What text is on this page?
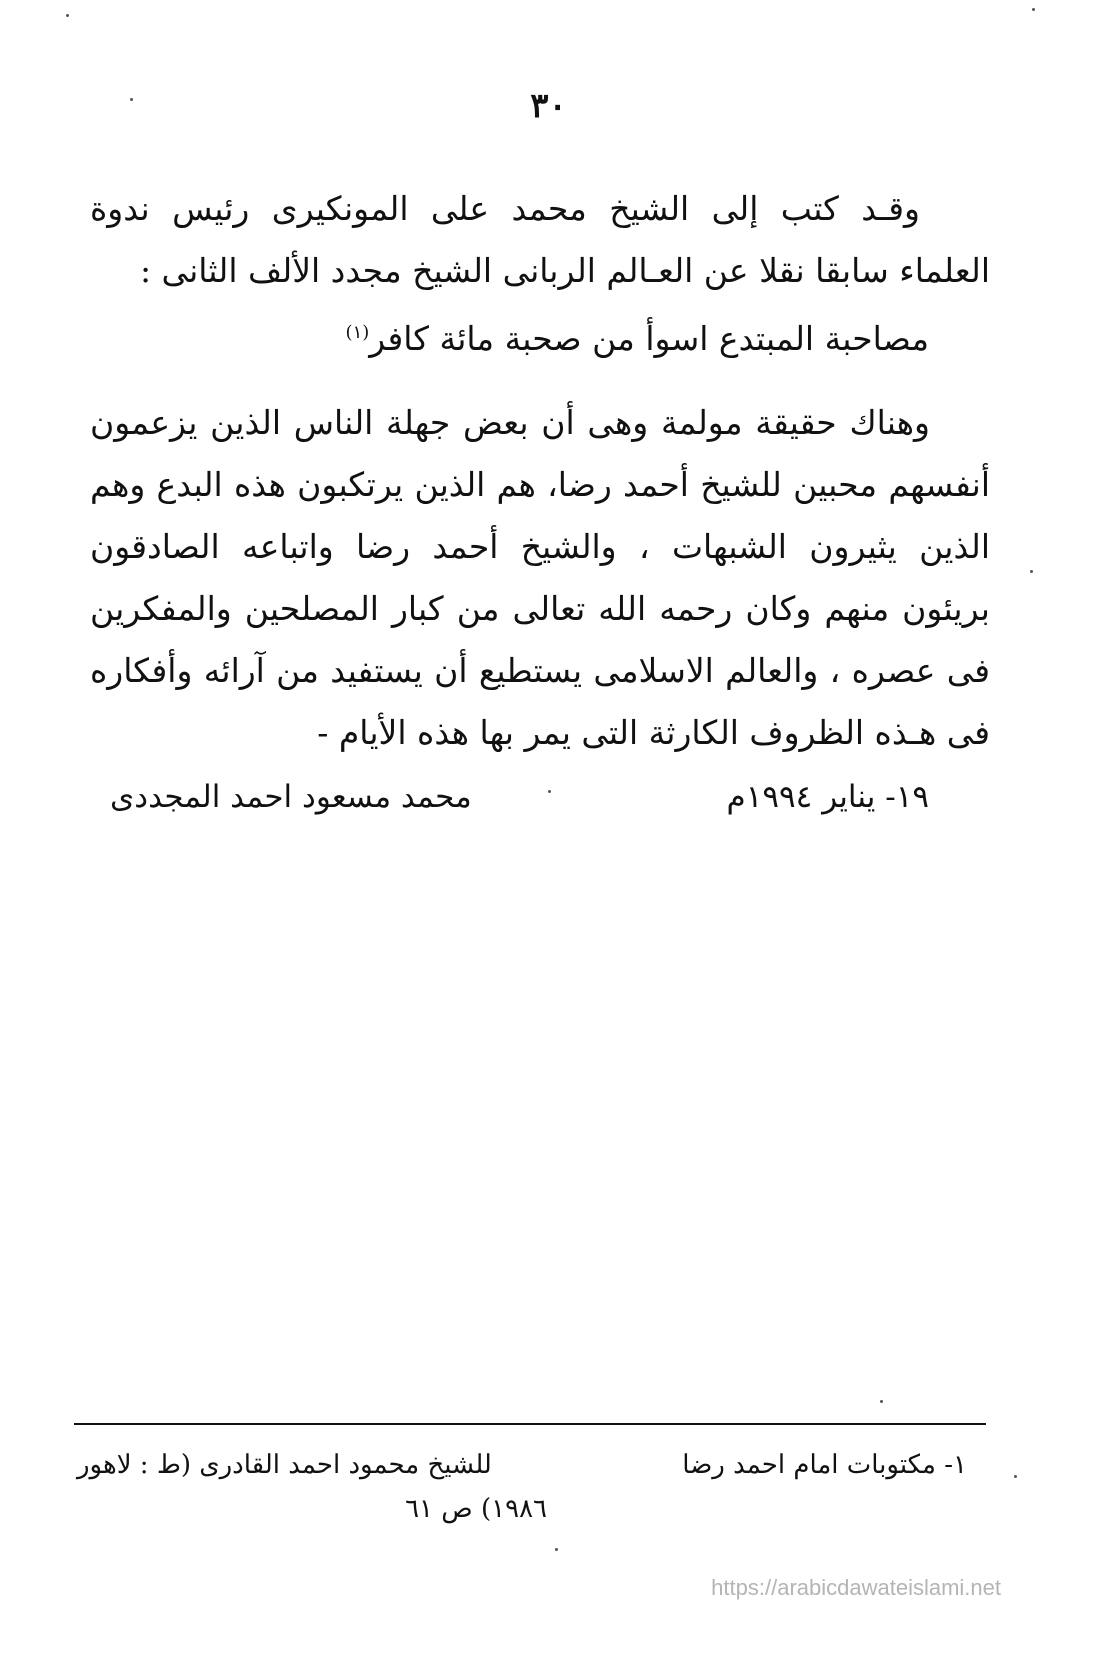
٣٠
وقـد كتب إلى الشيخ محمد على المونكيرى رئيس ندوة العلماء سابقا نقلا عن العـالم الربانى الشيخ مجدد الألف الثانى :
مصاحبة المبتدع اسوأ من صحبة مائة كافر$^{(١)}$
وهناك حقيقة مولمة وهى أن بعض جهلة الناس الذين يزعمون أنفسهم محبين للشيخ أحمد رضا، هم الذين يرتكبون هذه البدع وهم الذين يثيرون الشبهات ، والشيخ أحمد رضا واتباعه الصادقون بريئون منهم وكان رحمه الله تعالى من كبار المصلحين والمفكرين فى عصره ، والعالم الاسلامى يستطيع أن يستفيد من آرائه وأفكاره فى هـذه الظروف الكارثة التى يمر بها هذه الأيام -
١٩- يناير ١٩٩٤م
محمد مسعود احمد المجددى
١- مكتوبات امام احمد رضا
للشيخ محمود احمد القادرى (ط : لاهور
١٩٨٦) ص ٦١
https://arabicdawateislami.net
